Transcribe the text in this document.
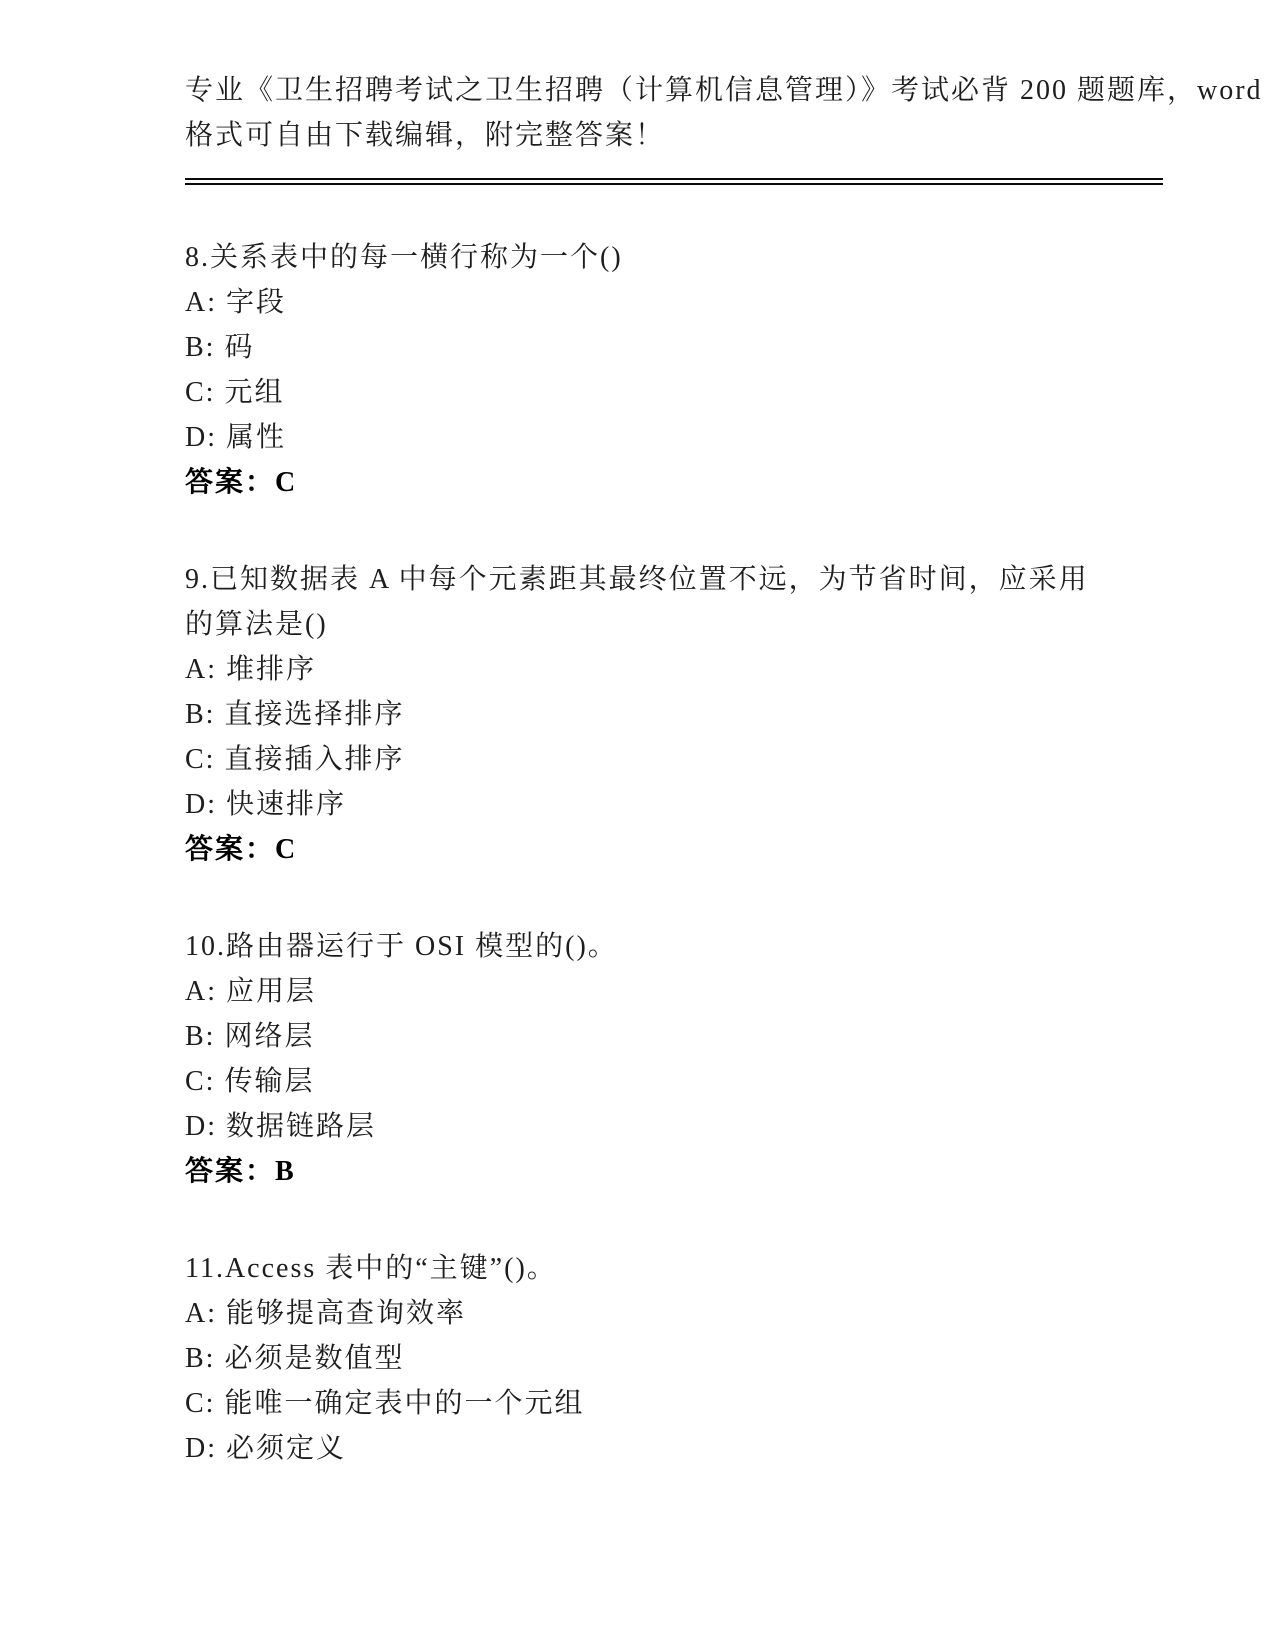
专业《卫生招聘考试之卫生招聘（计算机信息管理）》考试必背 200 题题库，word
格式可自由下载编辑，附完整答案！
8.关系表中的每一横行称为一个()
A: 字段
B: 码
C: 元组
D: 属性
答案：C
9.已知数据表 A 中每个元素距其最终位置不远，为节省时间，应采用
的算法是()
A: 堆排序
B: 直接选择排序
C: 直接插入排序
D: 快速排序
答案：C
10.路由器运行于 OSI 模型的()。
A: 应用层
B: 网络层
C: 传输层
D: 数据链路层
答案：B
11.Access 表中的“主键”()。
A: 能够提高查询效率
B: 必须是数值型
C: 能唯一确定表中的一个元组
D: 必须定义
